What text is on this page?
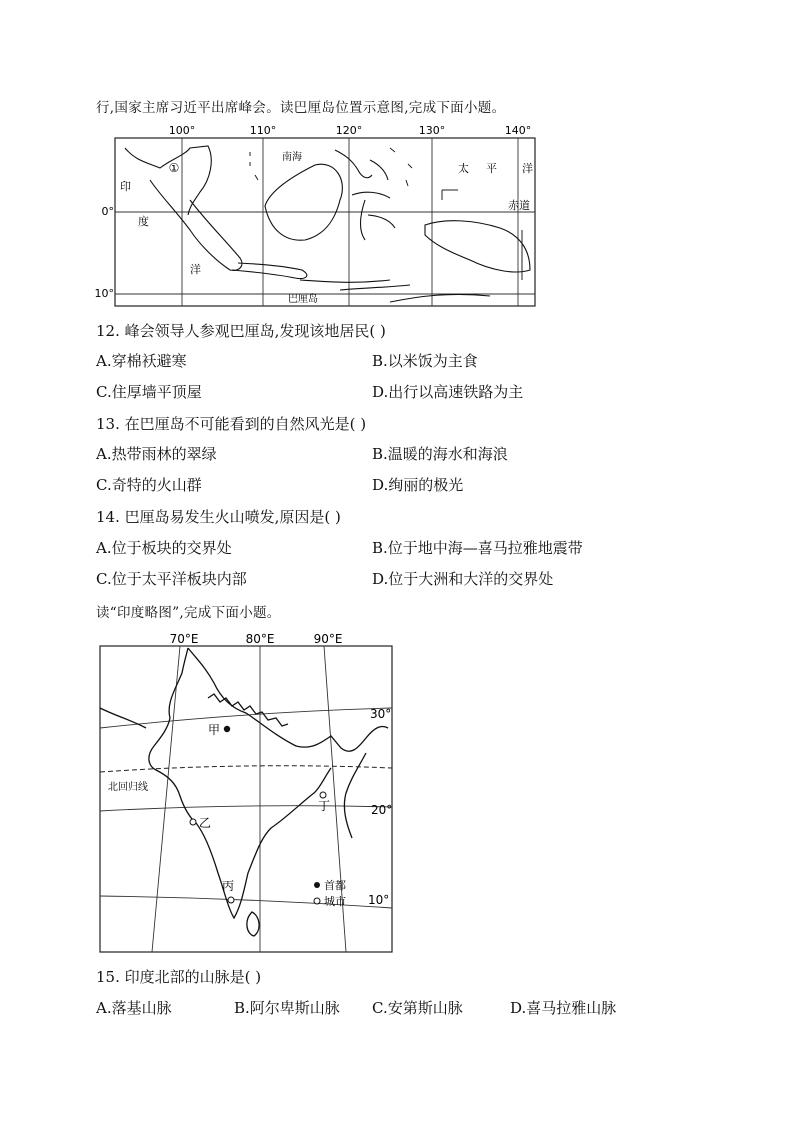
行,国家主席习近平出席峰会。读巴厘岛位置示意图,完成下面小题。
100°	110°	120°	130°	140°
0°
10°
①
南海
太 平 洋
赤道
印
度
洋
巴厘岛
12. 峰会领导人参观巴厘岛,发现该地居民( )
A.穿棉袄避寒	B.以米饭为主食
C.住厚墙平顶屋	D.出行以高速铁路为主
13. 在巴厘岛不可能看到的自然风光是( )
A.热带雨林的翠绿	B.温暖的海水和海浪
C.奇特的火山群	D.绚丽的极光
14. 巴厘岛易发生火山喷发,原因是( )
A.位于板块的交界处	B.位于地中海—喜马拉雅地震带
C.位于太平洋板块内部	D.位于大洲和大洋的交界处
读“印度略图”,完成下面小题。
70°E	80°E	90°E
甲
乙
丙
丁
北回归线
30°
20°
10°
首都
城市
15. 印度北部的山脉是( )
A.落基山脉	B.阿尔卑斯山脉 C.安第斯山脉	D.喜马拉雅山脉
